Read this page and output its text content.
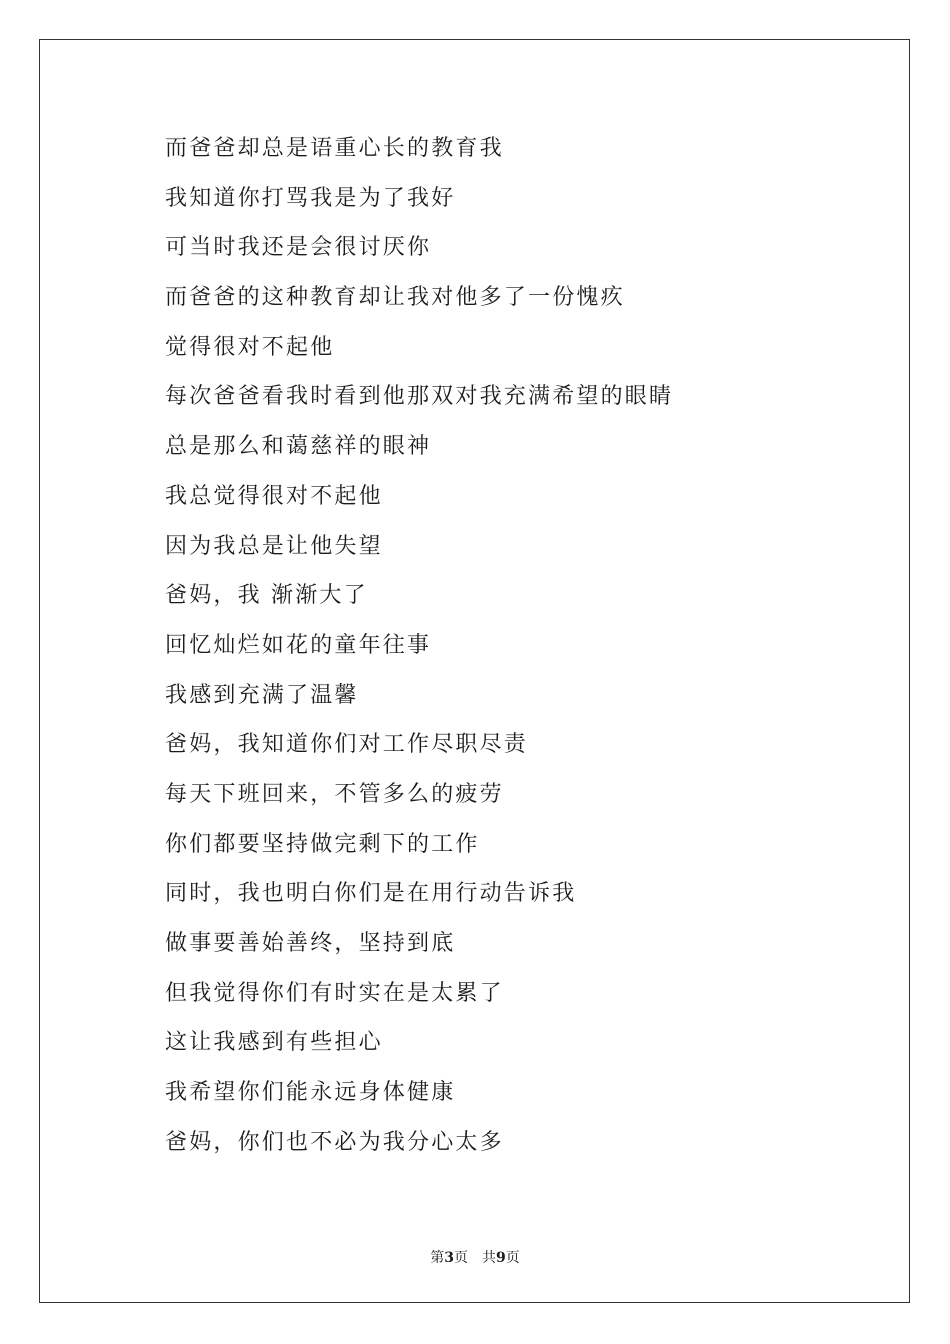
而爸爸却总是语重心长的教育我
我知道你打骂我是为了我好
可当时我还是会很讨厌你
而爸爸的这种教育却让我对他多了一份愧疚
觉得很对不起他
每次爸爸看我时看到他那双对我充满希望的眼睛
总是那么和蔼慈祥的眼神
我总觉得很对不起他
因为我总是让他失望
爸妈，我 渐渐大了
回忆灿烂如花的童年往事
我感到充满了温馨
爸妈，我知道你们对工作尽职尽责
每天下班回来，不管多么的疲劳
你们都要坚持做完剩下的工作
同时，我也明白你们是在用行动告诉我
做事要善始善终，坚持到底
但我觉得你们有时实在是太累了
这让我感到有些担心
我希望你们能永远身体健康
爸妈，你们也不必为我分心太多
第3页 共9页
